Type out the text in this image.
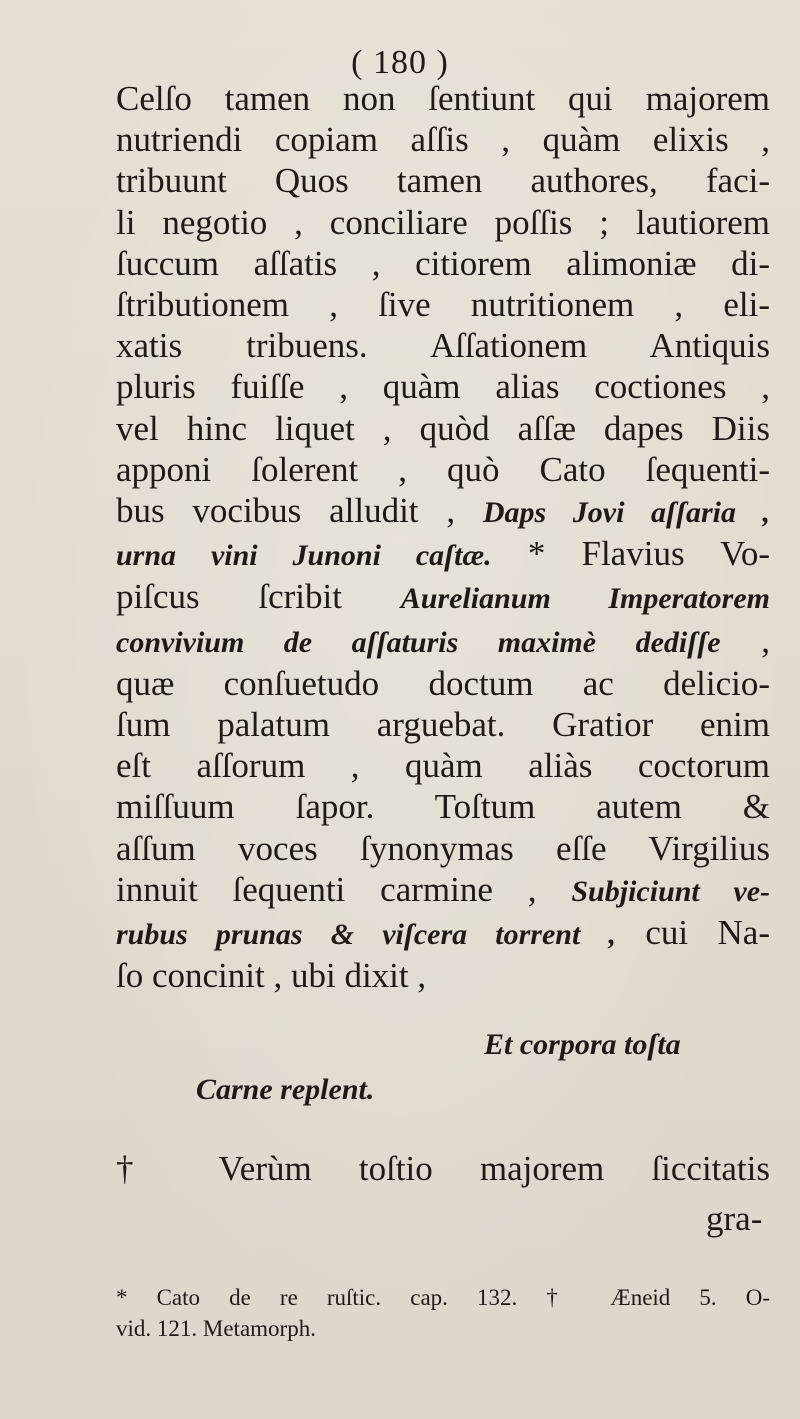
( 180 )
Celſo tamen non ſentiunt qui majorem
nutriendi copiam aſſis , quàm elixis ,
tribuunt Quos tamen authores, faci-
li negotio , conciliare poſſis ; lautiorem
ſuccum aſſatis , citiorem alimoniæ di-
ſtributionem , ſive nutritionem , eli-
xatis tribuens. Aſſationem Antiquis
pluris fuiſſe , quàm alias coctiones ,
vel hinc liquet , quòd aſſæ dapes Diis
apponi ſolerent , quò Cato ſequenti-
bus vocibus alludit , Daps Jovi aſſaria ,
urna vini Junoni caſtæ. * Flavius Vo-
piſcus ſcribit Aurelianum Imperatorem
convivium de aſſaturis maximè dediſſe ,
quæ conſuetudo doctum ac delicio-
ſum palatum arguebat. Gratior enim
eſt aſſorum , quàm aliàs coctorum
miſſuum ſapor. Toſtum autem &
aſſum voces ſynonymas eſſe Virgilius
innuit ſequenti carmine , Subjiciunt ve-
rubus prunas & viſcera torrent , cui Na-
ſo concinit , ubi dixit ,
Et corpora toſta
Carne replent.
† Verùm toſtio majorem ſiccitatis
gra-
* Cato de re ruſtic. cap. 132. † Æneid 5. O-
vid. 121. Metamorph.
